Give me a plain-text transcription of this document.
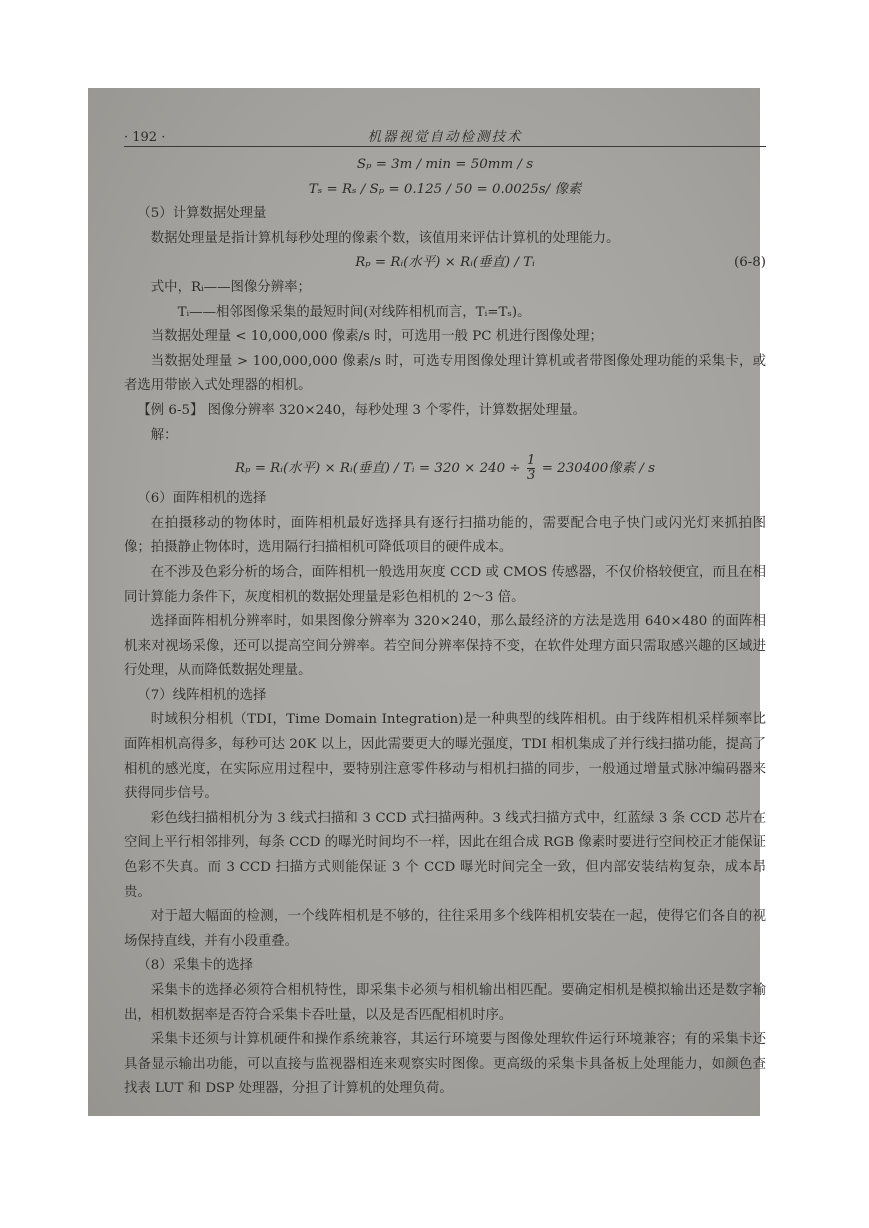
· 192 ·	机器视觉自动检测技术
Sₚ = 3m / min = 50mm / s
Tₛ = Rₛ / Sₚ = 0.125 / 50 = 0.0025s/ 像素

（5）计算数据处理量

数据处理量是指计算机每秒处理的像素个数，该值用来评估计算机的处理能力。

Rₚ = Rᵢ(水平) × Rᵢ(垂直) / Tᵢ	(6-8)

式中，Rᵢ——图像分辨率；

Tᵢ——相邻图像采集的最短时间(对线阵相机而言，Tᵢ=Tₛ)。

当数据处理量 < 10,000,000 像素/s 时，可选用一般 PC 机进行图像处理；

当数据处理量 > 100,000,000 像素/s 时，可选专用图像处理计算机或者带图像处理功能的采集卡，或者选用带嵌入式处理器的相机。

【例 6-5】 图像分辨率 320×240，每秒处理 3 个零件，计算数据处理量。

解：

Rₚ = Rᵢ(水平) × Rᵢ(垂直) / Tᵢ = $320 \times 240 \div \frac{1}{3} = 230400$像素 / s

（6）面阵相机的选择

在拍摄移动的物体时，面阵相机最好选择具有逐行扫描功能的，需要配合电子快门或闪光灯来抓拍图像；拍摄静止物体时，选用隔行扫描相机可降低项目的硬件成本。

在不涉及色彩分析的场合，面阵相机一般选用灰度 CCD 或 CMOS 传感器，不仅价格较便宜，而且在相同计算能力条件下，灰度相机的数据处理量是彩色相机的 2～3 倍。

选择面阵相机分辨率时，如果图像分辨率为 320×240，那么最经济的方法是选用 640×480 的面阵相机来对视场采像，还可以提高空间分辨率。若空间分辨率保持不变，在软件处理方面只需取感兴趣的区域进行处理，从而降低数据处理量。

（7）线阵相机的选择

时域积分相机（TDI，Time Domain Integration)是一种典型的线阵相机。由于线阵相机采样频率比面阵相机高得多，每秒可达 20K 以上，因此需要更大的曝光强度，TDI 相机集成了并行线扫描功能，提高了相机的感光度，在实际应用过程中，要特别注意零件移动与相机扫描的同步，一般通过增量式脉冲编码器来获得同步信号。

彩色线扫描相机分为 3 线式扫描和 3 CCD 式扫描两种。3 线式扫描方式中，红蓝绿 3 条 CCD 芯片在空间上平行相邻排列，每条 CCD 的曝光时间均不一样，因此在组合成 RGB 像素时要进行空间校正才能保证色彩不失真。而 3 CCD 扫描方式则能保证 3 个 CCD 曝光时间完全一致，但内部安装结构复杂，成本昂贵。

对于超大幅面的检测，一个线阵相机是不够的，往往采用多个线阵相机安装在一起，使得它们各自的视场保持直线，并有小段重叠。

（8）采集卡的选择

采集卡的选择必须符合相机特性，即采集卡必须与相机输出相匹配。要确定相机是模拟输出还是数字输出，相机数据率是否符合采集卡吞吐量，以及是否匹配相机时序。

采集卡还须与计算机硬件和操作系统兼容，其运行环境要与图像处理软件运行环境兼容；有的采集卡还具备显示输出功能，可以直接与监视器相连来观察实时图像。更高级的采集卡具备板上处理能力，如颜色查找表 LUT 和 DSP 处理器，分担了计算机的处理负荷。
